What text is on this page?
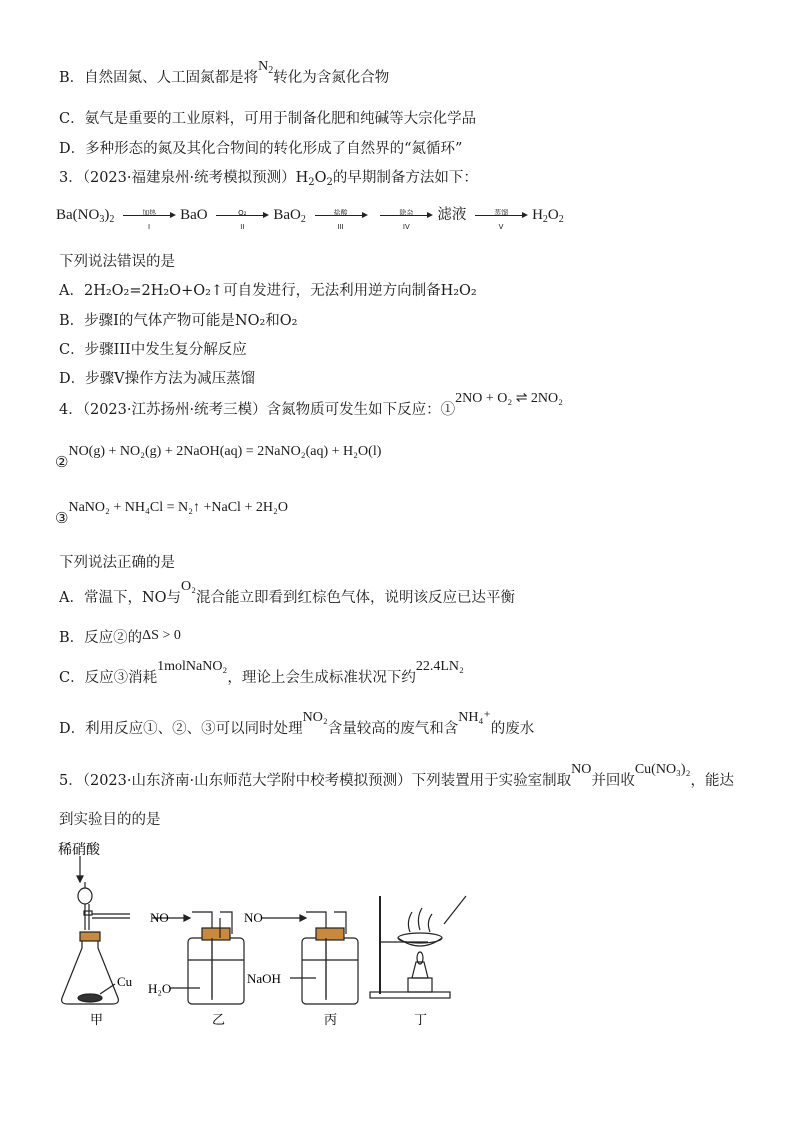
B．自然固氮、人工固氮都是将$N_2$转化为含氮化合物
C．氨气是重要的工业原料，可用于制备化肥和纯碱等大宗化学品
D．多种形态的氮及其化合物间的转化形成了自然界的“氮循环”
3．（2023·福建泉州·统考模拟预测）$H_2O_2$的早期制备方法如下：
$Ba(NO_3)_2$
加热
I
BaO	O₂
II
BaO$_2$
盐酸
III

除杂
IV
滤液	蒸馏
V
$H_2O_2$
下列说法错误的是
A．2H₂O₂=2H₂O+O₂↑可自发进行，无法利用逆方向制备H₂O₂
B．步骤I的气体产物可能是NO₂和O₂
C．步骤III中发生复分解反应
D．步骤V操作方法为减压蒸馏
4．（2023·江苏扬州·统考三模）含氮物质可发生如下反应：①2NO + O₂ ⇌ 2NO₂
②NO(g) + NO₂(g) + 2NaOH(aq) = 2NaNO₂(aq) + H₂O(l)
③NaNO₂ + NH₄Cl = N₂↑ +NaCl + 2H₂O
下列说法正确的是
A．常温下，NO与O₂混合能立即看到红棕色气体，说明该反应已达平衡
B．反应②的ΔS > 0
C．反应③消耗1molNaNO₂，理论上会生成标准状况下约22.4LN₂
D．利用反应①、②、③可以同时处理NO₂含量较高的废气和含NH₄⁺的废水
5．（2023·山东济南·山东师范大学附中校考模拟预测）下列装置用于实验室制取NO并回收Cu(NO₃)₂，能达
到实验目的的是
稀硝酸
Cu
NO
H₂O
NO
NaOH
甲	乙	丙	丁
